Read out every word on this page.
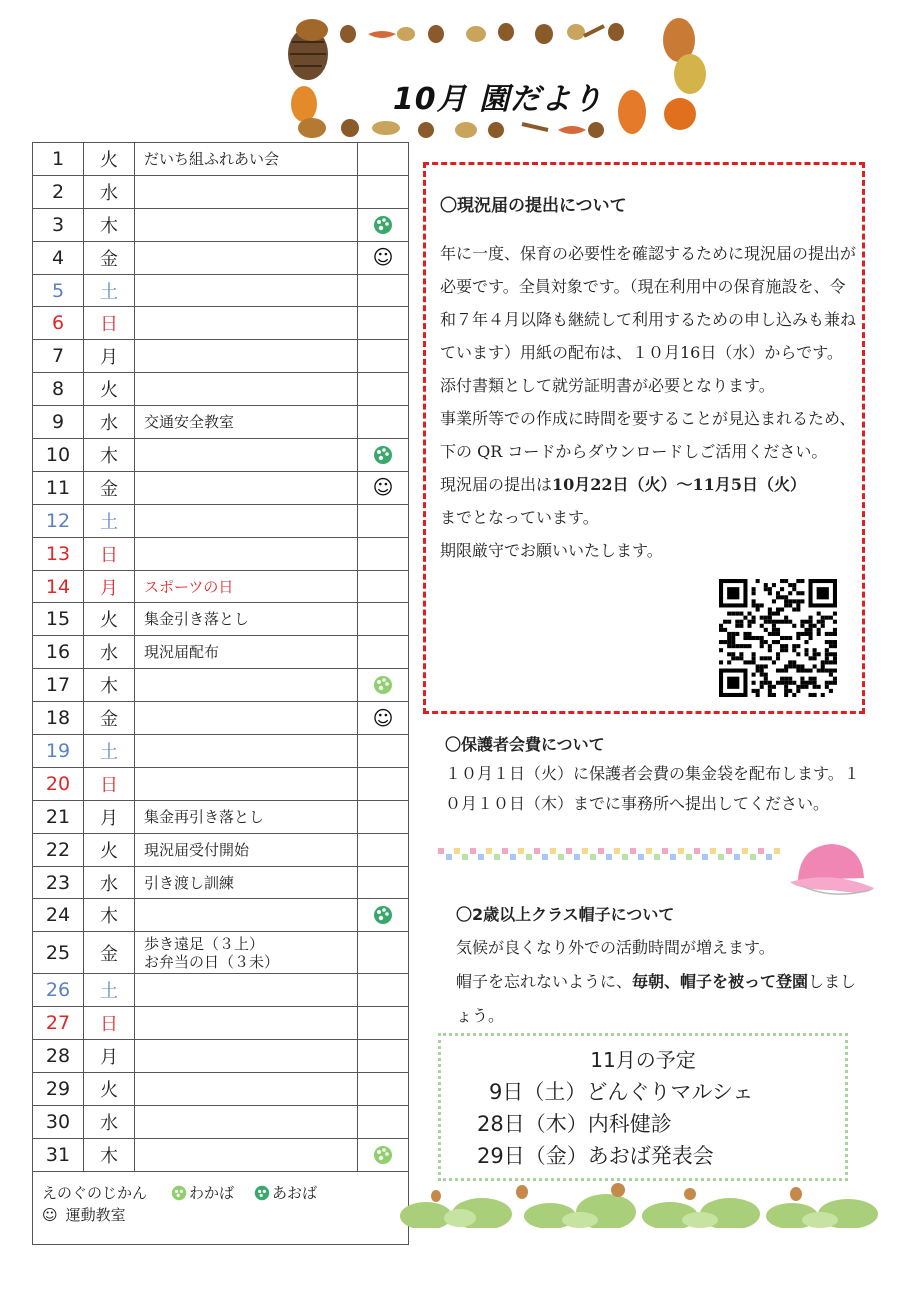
10月 園だより
1	火	だいち組ふれあい会	
2	水		
3	木		
4	金		☺
5	土		
6	日		
7	月		
8	火		
9	水	交通安全教室	
10	木		
11	金		☺
12	土		
13	日		
14	月	スポーツの日	
15	火	集金引き落とし	
16	水	現況届配布	
17	木		
18	金		☺
19	土		
20	日		
21	月	集金再引き落とし	
22	火	現況届受付開始	
23	水	引き渡し訓練	
24	木		
25	金	歩き遠足（３上）
お弁当の日（３未）	
26	土		
27	日		
28	月		
29	火		
30	水		
31	木		

えのぐのじかん わかば あおば
☺ 運動教室			
〇現況届の提出について

年に一度、保育の必要性を確認するために現況届の提出が必要です。全員対象です。（現在利用中の保育施設を、令和７年４月以降も継続して利用するための申し込みも兼ねています）用紙の配布は、１０月16日（水）からです。添付書類として就労証明書が必要となります。

事業所等での作成に時間を要することが見込まれるため、下の QR コードからダウンロードしご活用ください。

現況届の提出は10月22日（火）～11月5日（火）
までとなっています。

期限厳守でお願いいたします。

〇保護者会費について
１０月１日（火）に保護者会費の集金袋を配布します。１０月１０日（木）までに事務所へ提出してください。
〇2歳以上クラス帽子について
気候が良くなり外での活動時間が増えます。
帽子を忘れないように、毎朝、帽子を被って登園しましょう。
11月の予定
9日（土）どんぐりマルシェ
28日（木）内科健診
29日（金）あおば発表会
